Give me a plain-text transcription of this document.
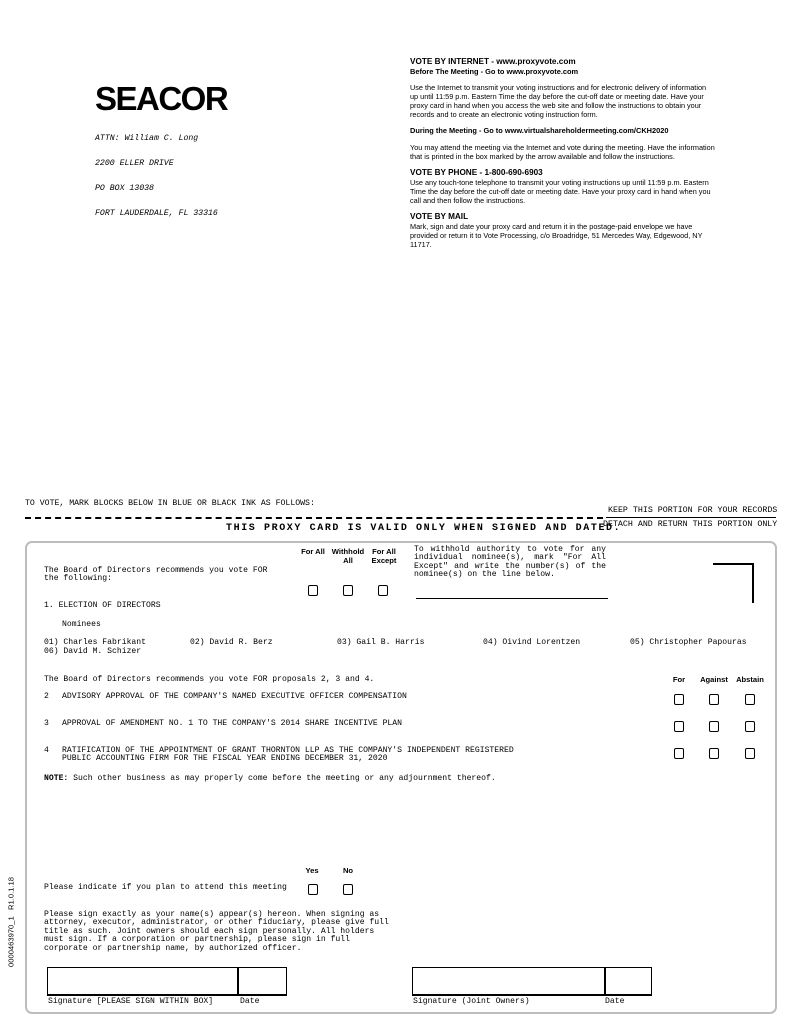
SEACOR

ATTN: William C. Long

2200 ELLER DRIVE

PO BOX 13038

FORT LAUDERDALE, FL 33316

VOTE BY INTERNET - www.proxyvote.com

Before The Meeting - Go to www.proxyvote.com

Use the Internet to transmit your voting instructions and for electronic delivery of information up until 11:59 p.m. Eastern Time the day before the cut-off date or meeting date. Have your proxy card in hand when you access the web site and follow the instructions to obtain your records and to create an electronic voting instruction form.

During the Meeting - Go to www.virtualshareholdermeeting.com/CKH2020

You may attend the meeting via the Internet and vote during the meeting. Have the information that is printed in the box marked by the arrow available and follow the instructions.

VOTE BY PHONE - 1-800-690-6903

Use any touch-tone telephone to transmit your voting instructions up until 11:59 p.m. Eastern Time the day before the cut-off date or meeting date. Have your proxy card in hand when you call and then follow the instructions.

VOTE BY MAIL

Mark, sign and date your proxy card and return it in the postage-paid envelope we have provided or return it to Vote Processing, c/o Broadridge, 51 Mercedes Way, Edgewood, NY 11717.

TO VOTE, MARK BLOCKS BELOW IN BLUE OR BLACK INK AS FOLLOWS:
KEEP THIS PORTION FOR YOUR RECORDS
DETACH AND RETURN THIS PORTION ONLY
THIS PROXY CARD IS VALID ONLY WHEN SIGNED AND DATED.
The Board of Directors recommends you vote FOR the following:
For All Withhold All
For All Except
To withhold authority to vote for any individual nominee(s), mark "For All Except" and write the number(s) of the nominee(s) on the line below.
1. ELECTION OF DIRECTORS
Nominees
01) Charles Fabrikant	02) David R. Berz	03) Gail B. Harris	04) Oivind Lorentzen	05) Christopher Papouras
06) David M. Schizer
The Board of Directors recommends you vote FOR proposals 2, 3 and 4.	For	Against	Abstain
2 ADVISORY APPROVAL OF THE COMPANY'S NAMED EXECUTIVE OFFICER COMPENSATION
3 APPROVAL OF AMENDMENT NO. 1 TO THE COMPANY'S 2014 SHARE INCENTIVE PLAN
4 RATIFICATION OF THE APPOINTMENT OF GRANT THORNTON LLP AS THE COMPANY'S INDEPENDENT REGISTERED PUBLIC ACCOUNTING FIRM FOR THE FISCAL YEAR ENDING DECEMBER 31, 2020
NOTE: Such other business as may properly come before the meeting or any adjournment thereof.
Yes	No
Please indicate if you plan to attend this meeting
Please sign exactly as your name(s) appear(s) hereon. When signing as attorney, executor, administrator, or other fiduciary, please give full title as such. Joint owners should each sign personally. All holders must sign. If a corporation or partnership, please sign in full corporate or partnership name, by authorized officer.
Signature [PLEASE SIGN WITHIN BOX]	Date	Signature (Joint Owners)	Date
0000463970_1   R1.0.1.18
